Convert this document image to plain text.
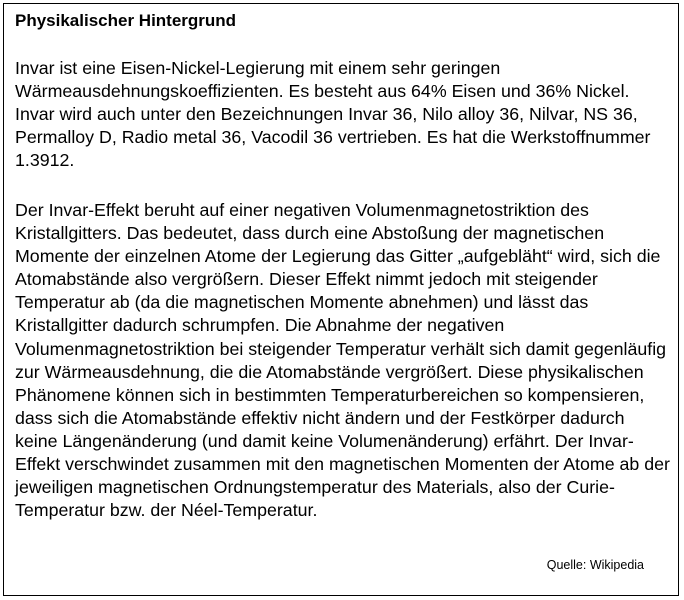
Physikalischer Hintergrund

Invar ist eine Eisen-Nickel-Legierung mit einem sehr geringen Wärmeausdehnungskoeffizienten. Es besteht aus 64% Eisen und 36% Nickel. Invar wird auch unter den Bezeichnungen Invar 36, Nilo alloy 36, Nilvar, NS 36, Permalloy D, Radio metal 36, Vacodil 36 vertrieben. Es hat die Werkstoffnummer 1.3912.

Der Invar-Effekt beruht auf einer negativen Volumenmagnetostriktion des Kristallgitters. Das bedeutet, dass durch eine Abstoßung der magnetischen Momente der einzelnen Atome der Legierung das Gitter „aufgebläht“ wird, sich die Atomabstände also vergrößern. Dieser Effekt nimmt jedoch mit steigender Temperatur ab (da die magnetischen Momente abnehmen) und lässt das Kristallgitter dadurch schrumpfen. Die Abnahme der negativen Volumenmagnetostriktion bei steigender Temperatur verhält sich damit gegenläufig zur Wärmeausdehnung, die die Atomabstände vergrößert. Diese physikalischen Phänomene können sich in bestimmten Temperaturbereichen so kompensieren, dass sich die Atomabstände effektiv nicht ändern und der Festkörper dadurch keine Längenänderung (und damit keine Volumenänderung) erfährt. Der Invar-Effekt verschwindet zusammen mit den magnetischen Momenten der Atome ab der jeweiligen magnetischen Ordnungstemperatur des Materials, also der Curie-Temperatur bzw. der Néel-Temperatur.

Quelle: Wikipedia
